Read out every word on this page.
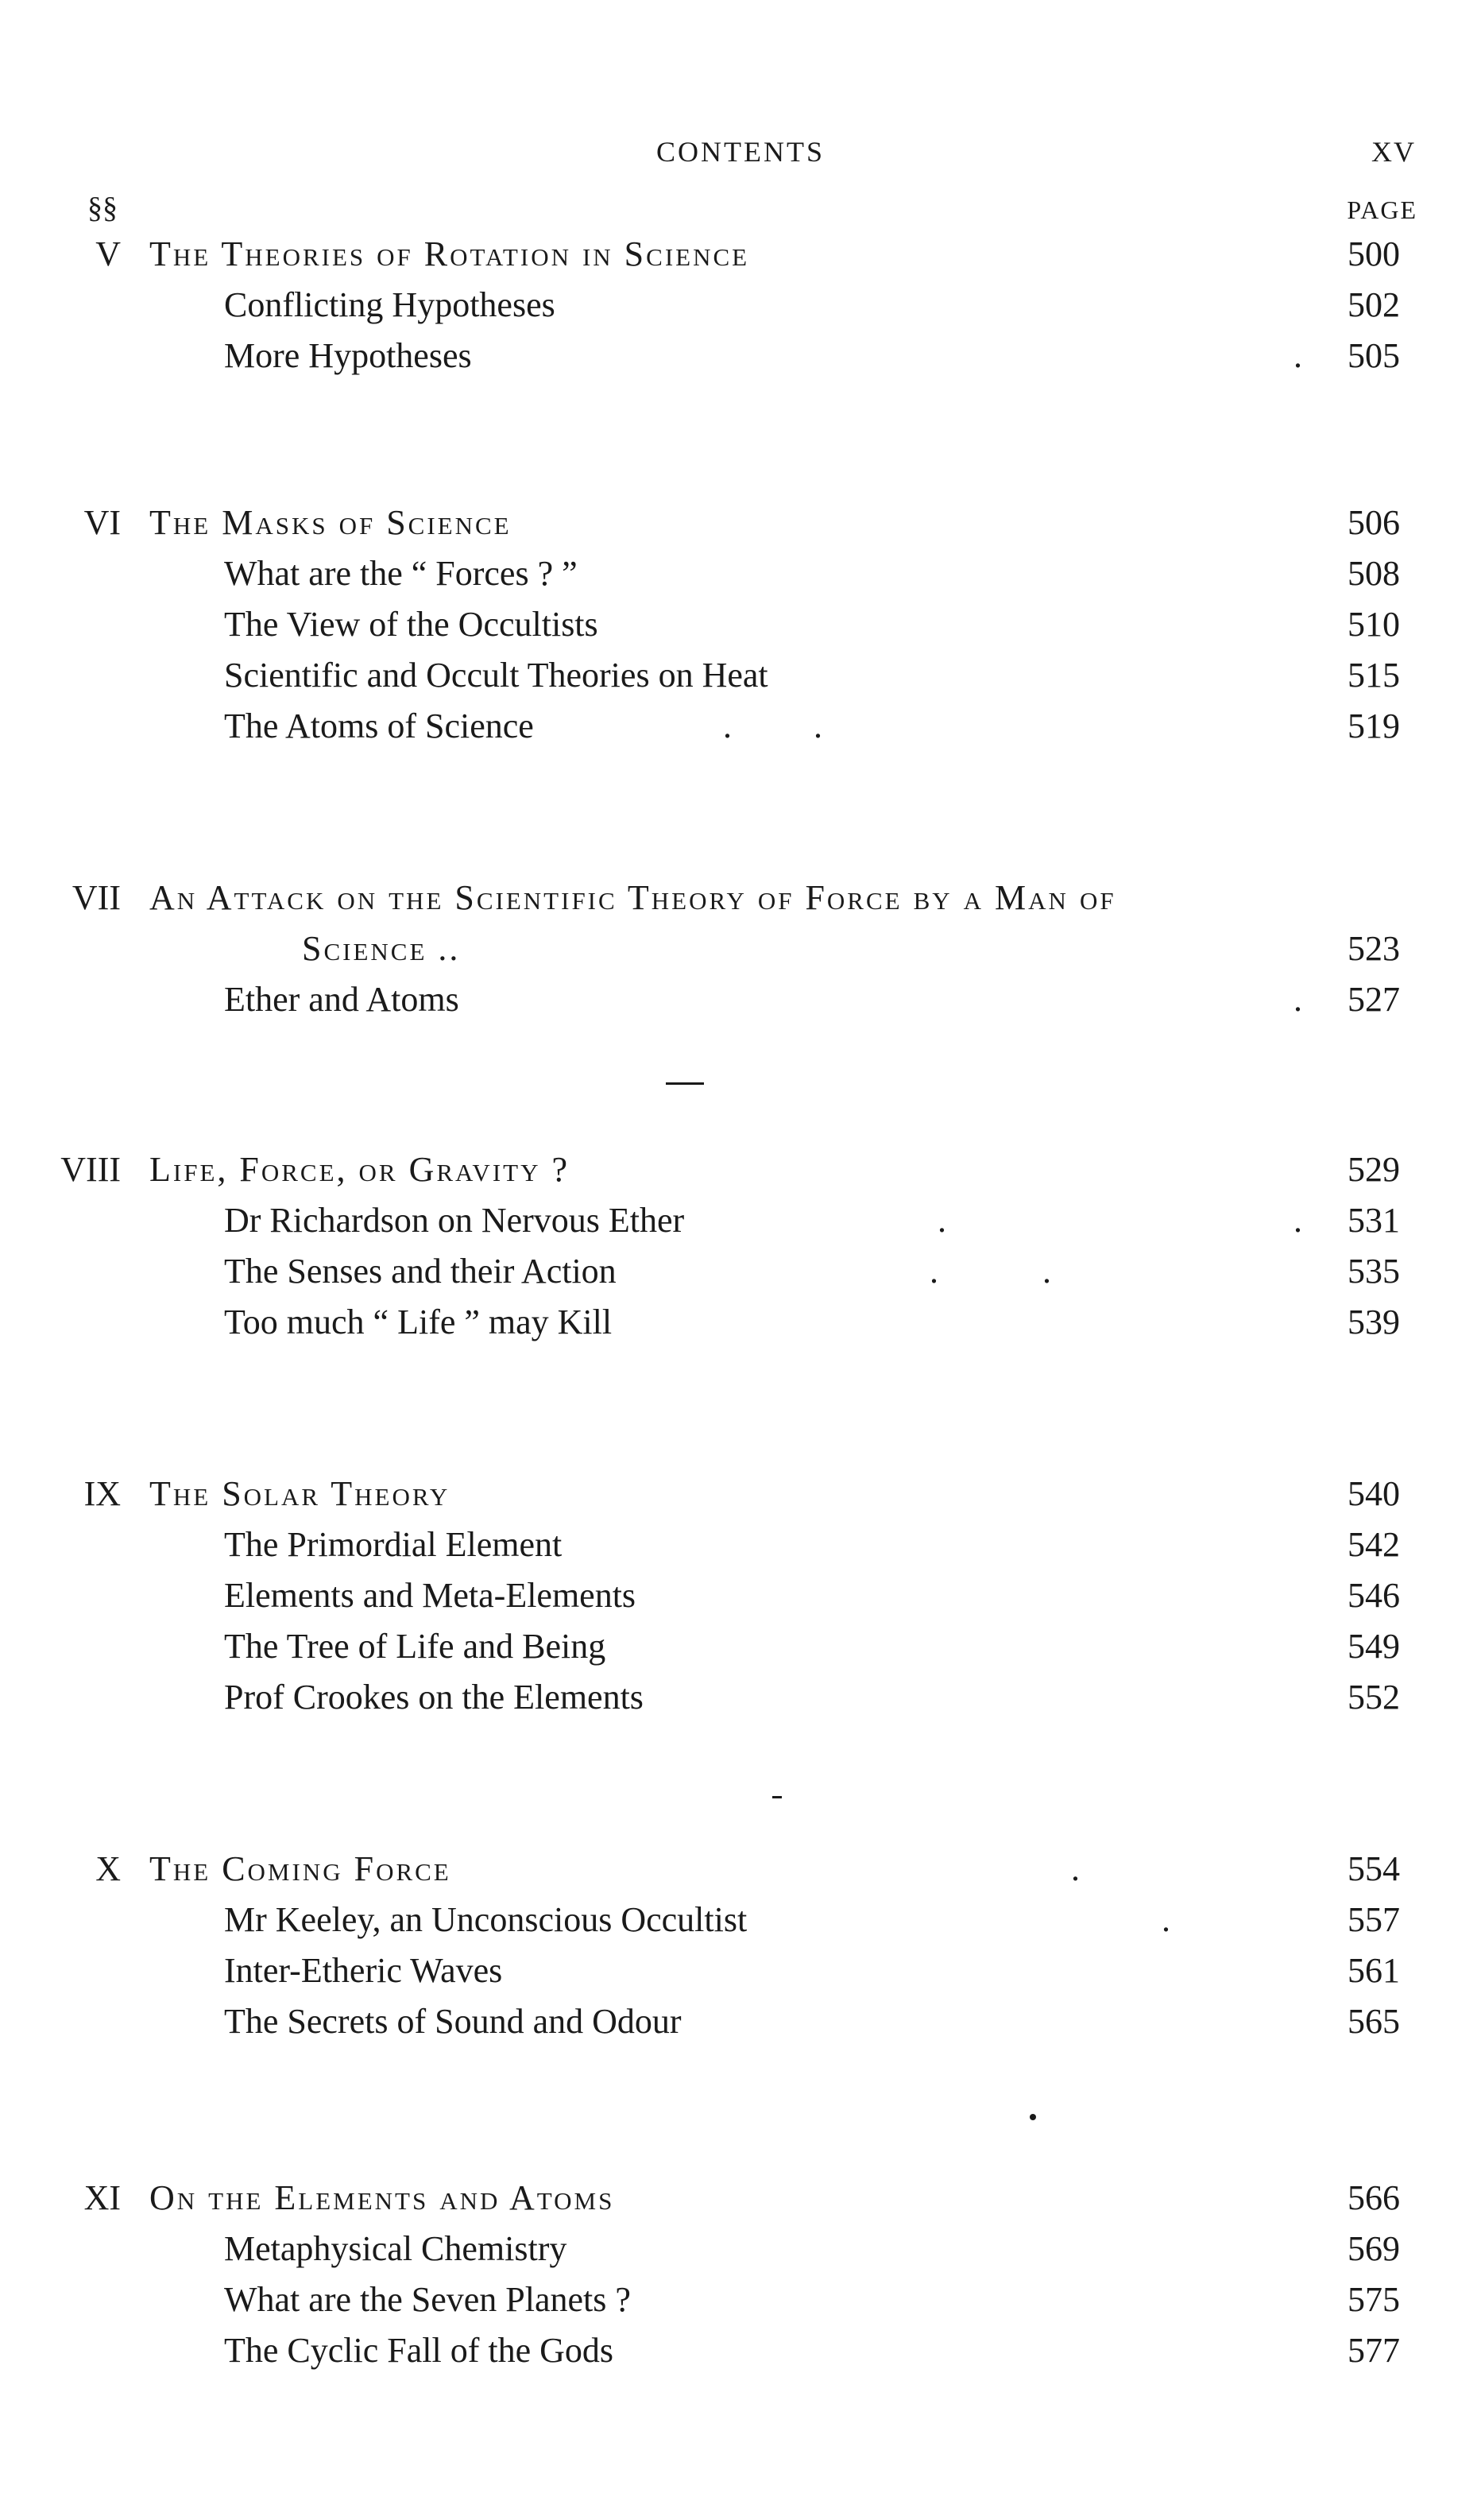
CONTENTS	XV
§§	PAGE
V The Theories of Rotation in Science	500
Conflicting Hypotheses	502
More Hypotheses	. 505
VI The Masks of Science	506
What are the “ Forces ? ”	508
The View of the Occultists	510
Scientific and Occult Theories on Heat	515
The Atoms of Science	. .	519
VII An Attack on the Scientific Theory of Force by a Man of
Science ..	523
Ether and Atoms	. 527
VIII Life, Force, or Gravity ?	529
Dr Richardson on Nervous Ether	.	. 531
The Senses and their Action	.	.	535
Too much “ Life ” may Kill	539
IX The Solar Theory	540
The Primordial Element	542
Elements and Meta-Elements	546
The Tree of Life and Being	549
Prof Crookes on the Elements	552
X The Coming Force	.	554
Mr Keeley, an Unconscious Occultist	.	557
Inter-Etheric Waves	561
The Secrets of Sound and Odour	565
XI On the Elements and Atoms	566
Metaphysical Chemistry	569
What are the Seven Planets ?	575
The Cyclic Fall of the Gods	577
